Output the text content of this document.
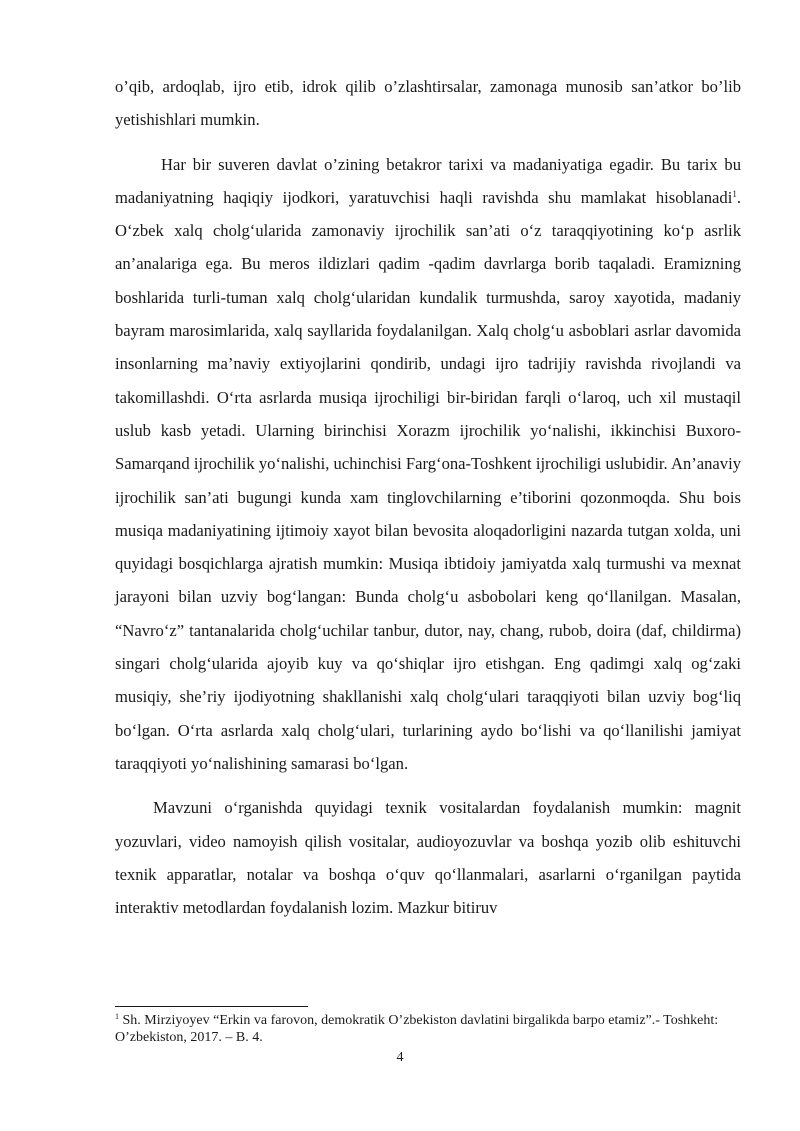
o’qib, ardoqlab, ijro etib, idrok qilib o’zlashtirsalar, zamonaga munosib san’atkor bo’lib yetishishlari mumkin.

Har bir suveren davlat o’zining betakror tarixi va madaniyatiga egadir. Bu tarix bu madaniyatning haqiqiy ijodkori, yaratuvchisi haqli ravishda shu mamlakat hisoblanadi$^1$. O‘zbek xalq cholg‘ularida zamonaviy ijrochilik san’ati o‘z taraqqiyotining ko‘p asrlik an’analariga ega. Bu meros ildizlari qadim -qadim davrlarga borib taqaladi. Eramizning boshlarida turli-tuman xalq cholg‘ularidan kundalik turmushda, saroy xayotida, madaniy bayram marosimlarida, xalq sayllarida foydalanilgan. Xalq cholg‘u asboblari asrlar davomida insonlarning ma’naviy extiyojlarini qondirib, undagi ijro tadrijiy ravishda rivojlandi va takomillashdi. O‘rta asrlarda musiqa ijrochiligi bir-biridan farqli o‘laroq, uch xil mustaqil uslub kasb yetadi. Ularning birinchisi Xorazm ijrochilik yo‘nalishi, ikkinchisi Buxoro-Samarqand ijrochilik yo‘nalishi, uchinchisi Farg‘ona-Toshkent ijrochiligi uslubidir. An’anaviy ijrochilik san’ati bugungi kunda xam tinglovchilarning e’tiborini qozonmoqda. Shu bois musiqa madaniyatining ijtimoiy xayot bilan bevosita aloqadorligini nazarda tutgan xolda, uni quyidagi bosqichlarga ajratish mumkin: Musiqa ibtidoiy jamiyatda xalq turmushi va mexnat jarayoni bilan uzviy bog‘langan: Bunda cholg‘u asbobolari keng qo‘llanilgan. Masalan, “Navro‘z” tantanalarida cholg‘uchilar tanbur, dutor, nay, chang, rubob, doira (daf, childirma) singari cholg‘ularida ajoyib kuy va qo‘shiqlar ijro etishgan. Eng qadimgi xalq og‘zaki musiqiy, she’riy ijodiyotning shakllanishi xalq cholg‘ulari taraqqiyoti bilan uzviy bog‘liq bo‘lgan. O‘rta asrlarda xalq cholg‘ulari, turlarining aydo bo‘lishi va qo‘llanilishi jamiyat taraqqiyoti yo‘nalishining samarasi bo‘lgan.

Mavzuni o‘rganishda quyidagi texnik vositalardan foydalanish mumkin: magnit yozuvlari, video namoyish qilish vositalar, audioyozuvlar va boshqa yozib olib eshituvchi texnik apparatlar, notalar va boshqa o‘quv qo‘llanmalari, asarlarni o‘rganilgan paytida interaktiv metodlardan foydalanish lozim. Mazkur bitiruv

$^1$ Sh. Mirziyoyev “Erkin va farovon, demokratik O’zbekiston davlatini birgalikda barpo etamiz”.- Toshkeht: O’zbekiston, 2017. – B. 4.

4
